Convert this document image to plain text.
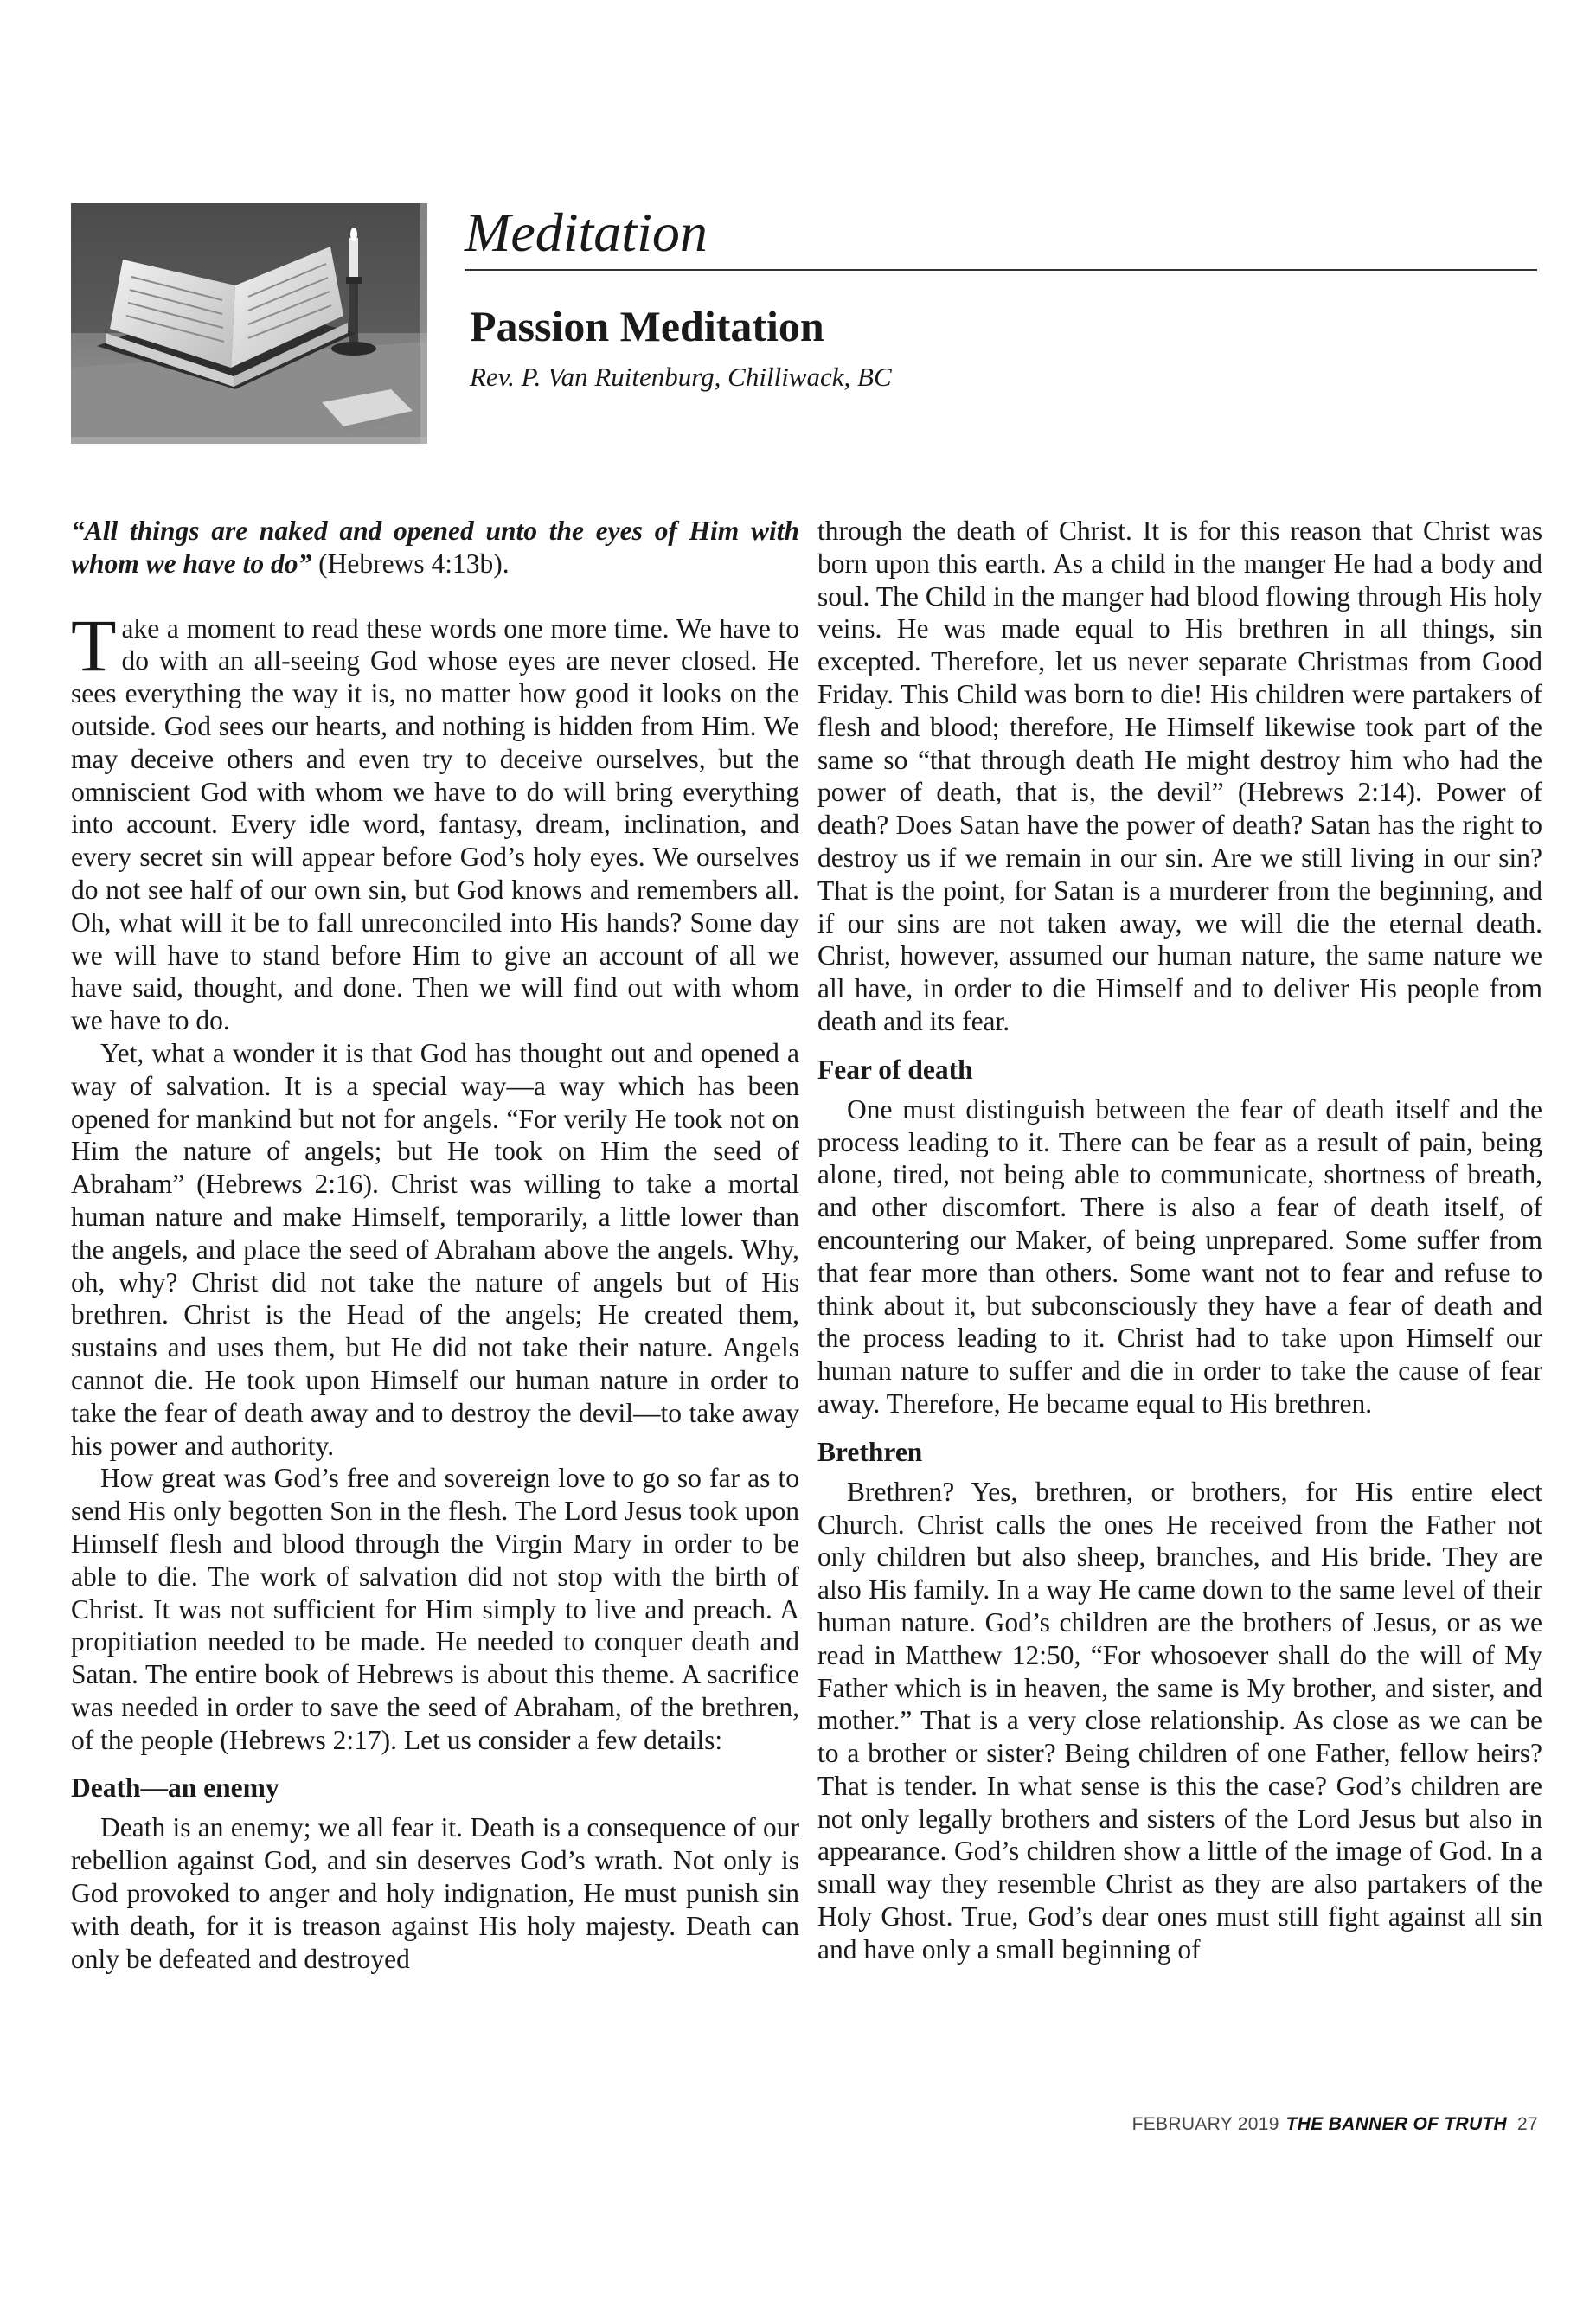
Meditation
Passion Meditation
Rev. P. Van Ruitenburg, Chilliwack, BC

“All things are naked and opened unto the eyes of Him with whom we have to do” (Hebrews 4:13b).

Take a moment to read these words one more time. We have to do with an all-seeing God whose eyes are never closed. He sees everything the way it is, no matter how good it looks on the outside. God sees our hearts, and nothing is hidden from Him. We may deceive others and even try to deceive ourselves, but the omniscient God with whom we have to do will bring everything into account. Every idle word, fantasy, dream, inclination, and every secret sin will appear before God’s holy eyes. We ourselves do not see half of our own sin, but God knows and remembers all. Oh, what will it be to fall unreconciled into His hands? Some day we will have to stand before Him to give an account of all we have said, thought, and done. Then we will find out with whom we have to do.

Yet, what a wonder it is that God has thought out and opened a way of salvation. It is a special way—a way which has been opened for mankind but not for angels. “For verily He took not on Him the nature of angels; but He took on Him the seed of Abraham” (Hebrews 2:16). Christ was willing to take a mortal human nature and make Himself, temporarily, a little lower than the angels, and place the seed of Abraham above the angels. Why, oh, why? Christ did not take the nature of angels but of His brethren. Christ is the Head of the angels; He created them, sustains and uses them, but He did not take their nature. Angels cannot die. He took upon Himself our human nature in order to take the fear of death away and to destroy the devil—to take away his power and authority.

How great was God’s free and sovereign love to go so far as to send His only begotten Son in the flesh. The Lord Jesus took upon Himself flesh and blood through the Virgin Mary in order to be able to die. The work of salvation did not stop with the birth of Christ. It was not sufficient for Him simply to live and preach. A propitiation needed to be made. He needed to conquer death and Satan. The entire book of Hebrews is about this theme. A sacrifice was needed in order to save the seed of Abraham, of the brethren, of the people (Hebrews 2:17). Let us consider a few details:

Death—an enemy

Death is an enemy; we all fear it. Death is a consequence of our rebellion against God, and sin deserves God’s wrath. Not only is God provoked to anger and holy indignation, He must punish sin with death, for it is treason against His holy majesty. Death can only be defeated and destroyed

through the death of Christ. It is for this reason that Christ was born upon this earth. As a child in the manger He had a body and soul. The Child in the manger had blood flowing through His holy veins. He was made equal to His brethren in all things, sin excepted. Therefore, let us never separate Christmas from Good Friday. This Child was born to die! His children were partakers of flesh and blood; therefore, He Himself likewise took part of the same so “that through death He might destroy him who had the power of death, that is, the devil” (Hebrews 2:14). Power of death? Does Satan have the power of death? Satan has the right to destroy us if we remain in our sin. Are we still living in our sin? That is the point, for Satan is a murderer from the beginning, and if our sins are not taken away, we will die the eternal death. Christ, however, assumed our human nature, the same nature we all have, in order to die Himself and to deliver His people from death and its fear.

Fear of death

One must distinguish between the fear of death itself and the process leading to it. There can be fear as a result of pain, being alone, tired, not being able to communicate, shortness of breath, and other discomfort. There is also a fear of death itself, of encountering our Maker, of being unprepared. Some suffer from that fear more than others. Some want not to fear and refuse to think about it, but subconsciously they have a fear of death and the process leading to it. Christ had to take upon Himself our human nature to suffer and die in order to take the cause of fear away. Therefore, He became equal to His brethren.

Brethren

Brethren? Yes, brethren, or brothers, for His entire elect Church. Christ calls the ones He received from the Father not only children but also sheep, branches, and His bride. They are also His family. In a way He came down to the same level of their human nature. God’s children are the brothers of Jesus, or as we read in Matthew 12:50, “For whosoever shall do the will of My Father which is in heaven, the same is My brother, and sister, and mother.” That is a very close relationship. As close as we can be to a brother or sister? Being children of one Father, fellow heirs? That is tender. In what sense is this the case? God’s children are not only legally brothers and sisters of the Lord Jesus but also in appearance. God’s children show a little of the image of God. In a small way they resemble Christ as they are also partakers of the Holy Ghost. True, God’s dear ones must still fight against all sin and have only a small beginning of

FEBRUARY 2019 THE BANNER OF TRUTH 27
